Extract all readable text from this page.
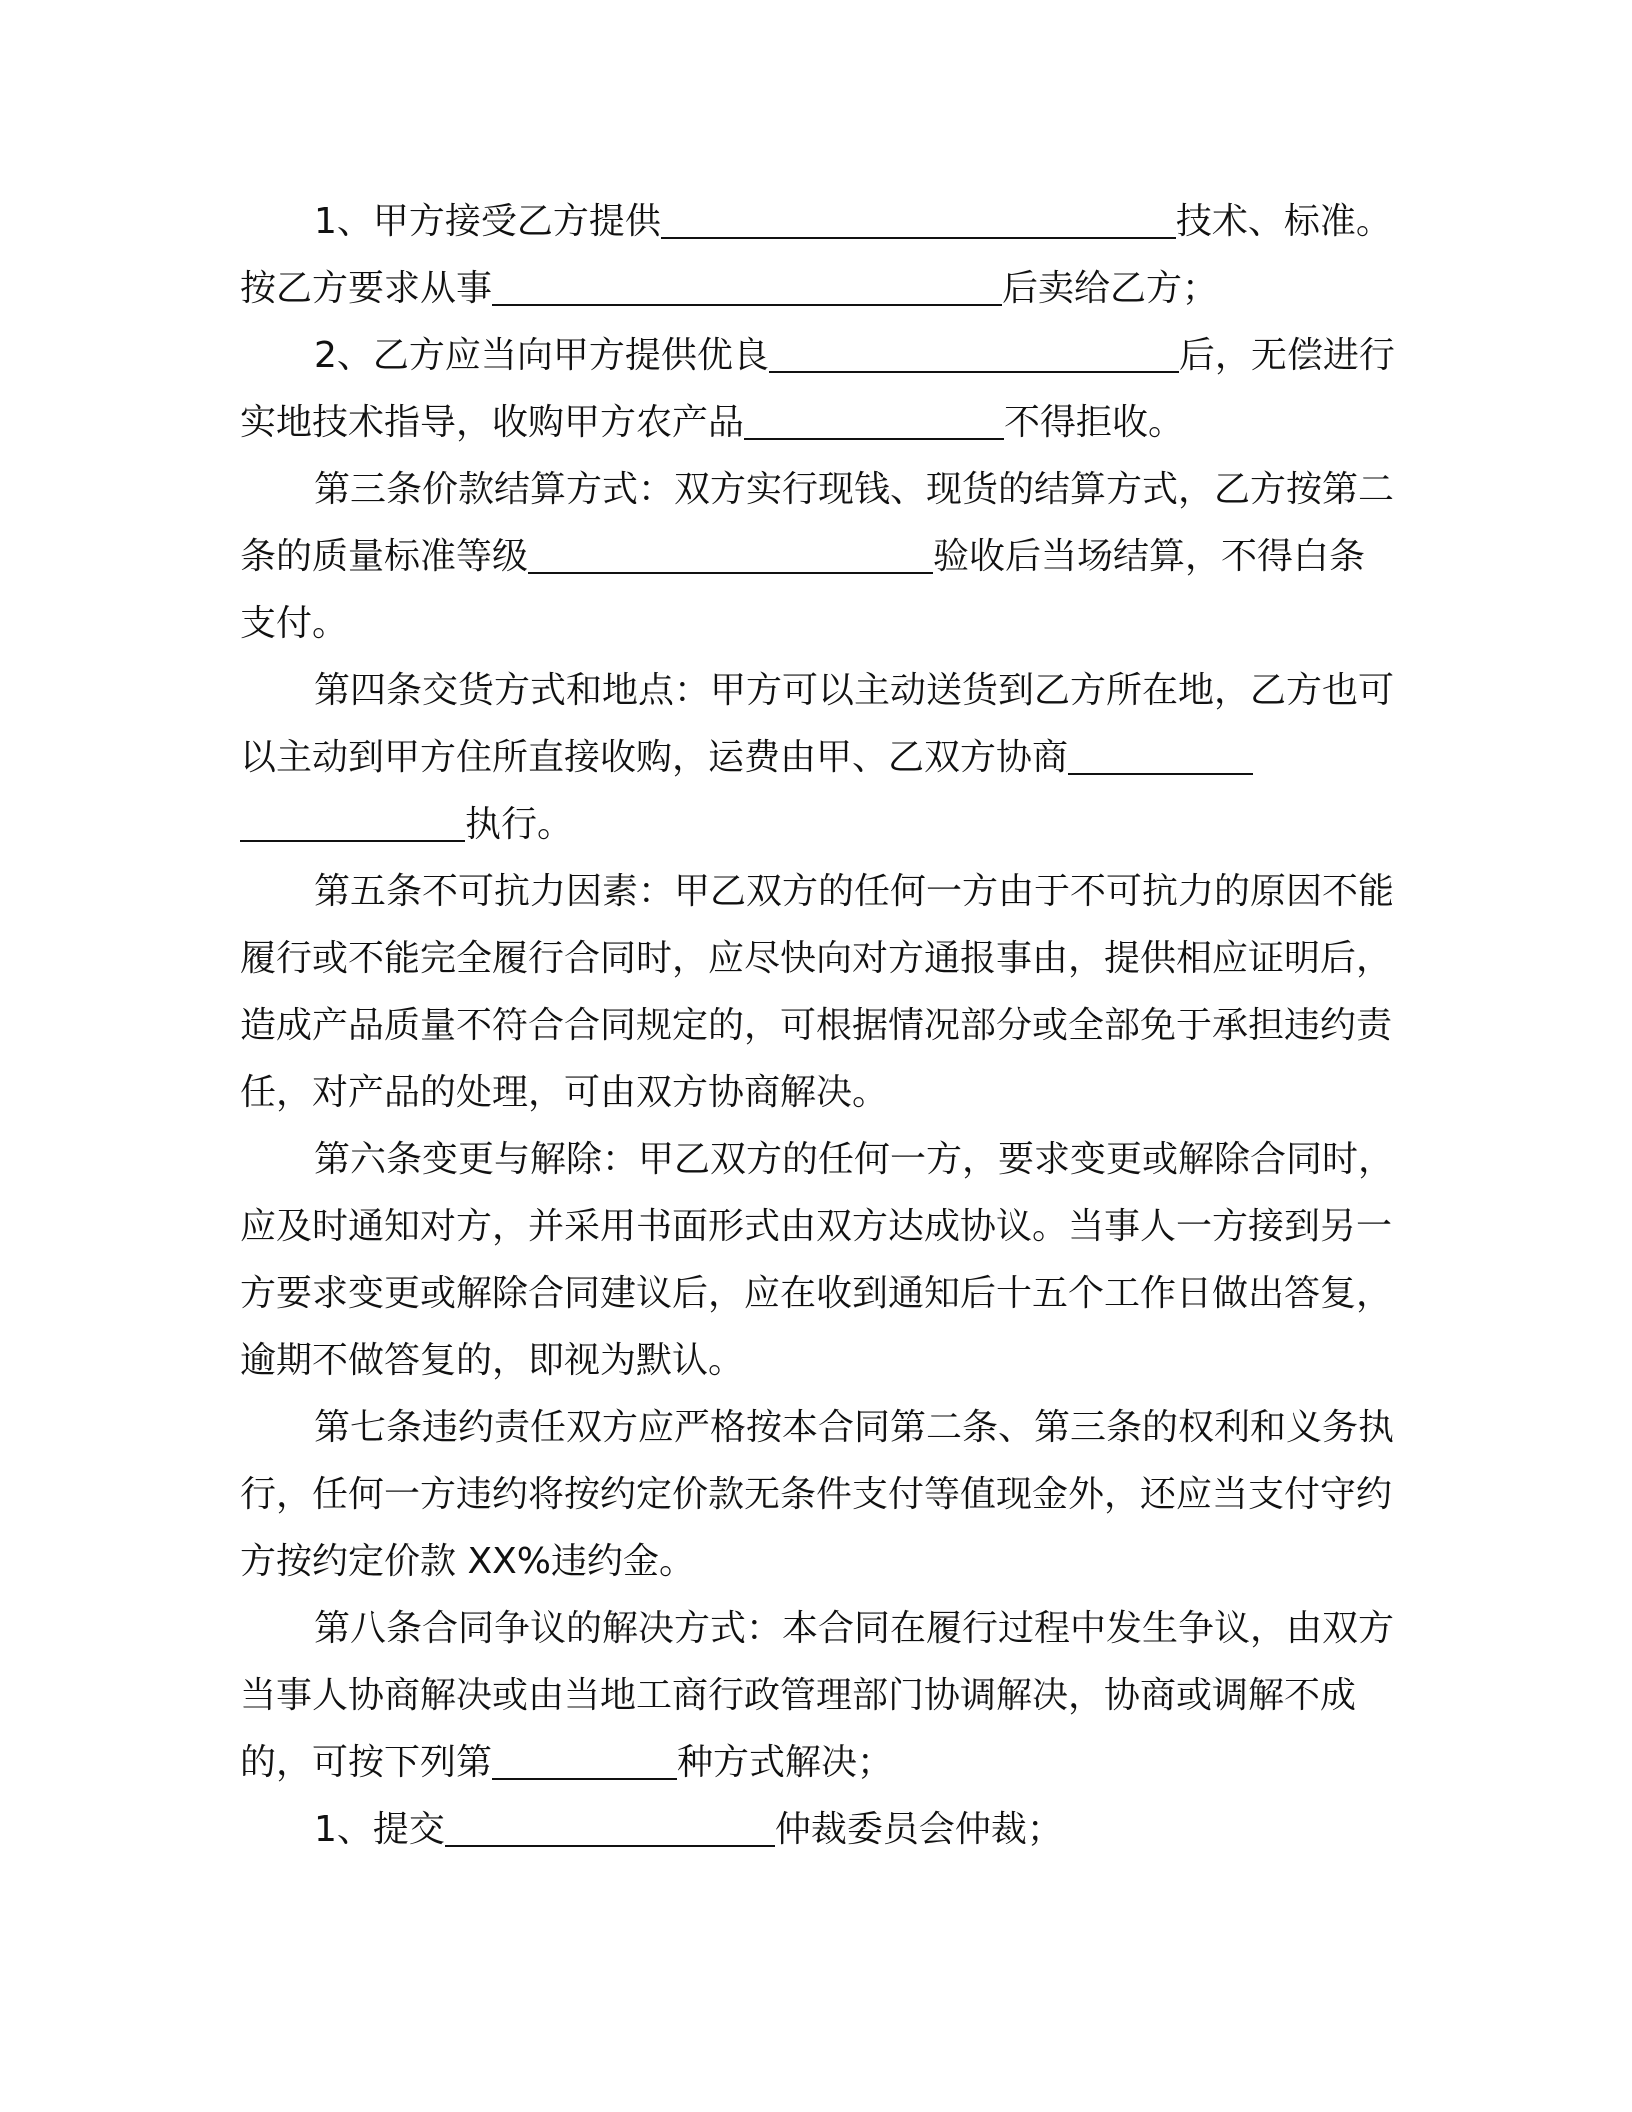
1、甲方接受乙方提供	技术、标准。按乙方要求从事	后卖给乙方；

2、乙方应当向甲方提供优良	后，无偿进行实地技术指导，收购甲方农产品	不得拒收。

第三条价款结算方式：双方实行现钱、现货的结算方式，乙方按第二条的质量标准等级	验收后当场结算，不得白条支付。

第四条交货方式和地点：甲方可以主动送货到乙方所在地，乙方也可以主动到甲方住所直接收购，运费由甲、乙双方协商执行。

第五条不可抗力因素：甲乙双方的任何一方由于不可抗力的原因不能履行或不能完全履行合同时，应尽快向对方通报事由，提供相应证明后，造成产品质量不符合合同规定的，可根据情况部分或全部免于承担违约责任，对产品的处理，可由双方协商解决。

第六条变更与解除：甲乙双方的任何一方，要求变更或解除合同时，应及时通知对方，并采用书面形式由双方达成协议。当事人一方接到另一方要求变更或解除合同建议后，应在收到通知后十五个工作日做出答复，逾期不做答复的，即视为默认。

第七条违约责任双方应严格按本合同第二条、第三条的权利和义务执行，任何一方违约将按约定价款无条件支付等值现金外，还应当支付守约方按约定价款 XX%违约金。

第八条合同争议的解决方式：本合同在履行过程中发生争议，由双方当事人协商解决或由当地工商行政管理部门协调解决，协商或调解不成的，可按下列第	种方式解决；

1、提交	仲裁委员会仲裁；
